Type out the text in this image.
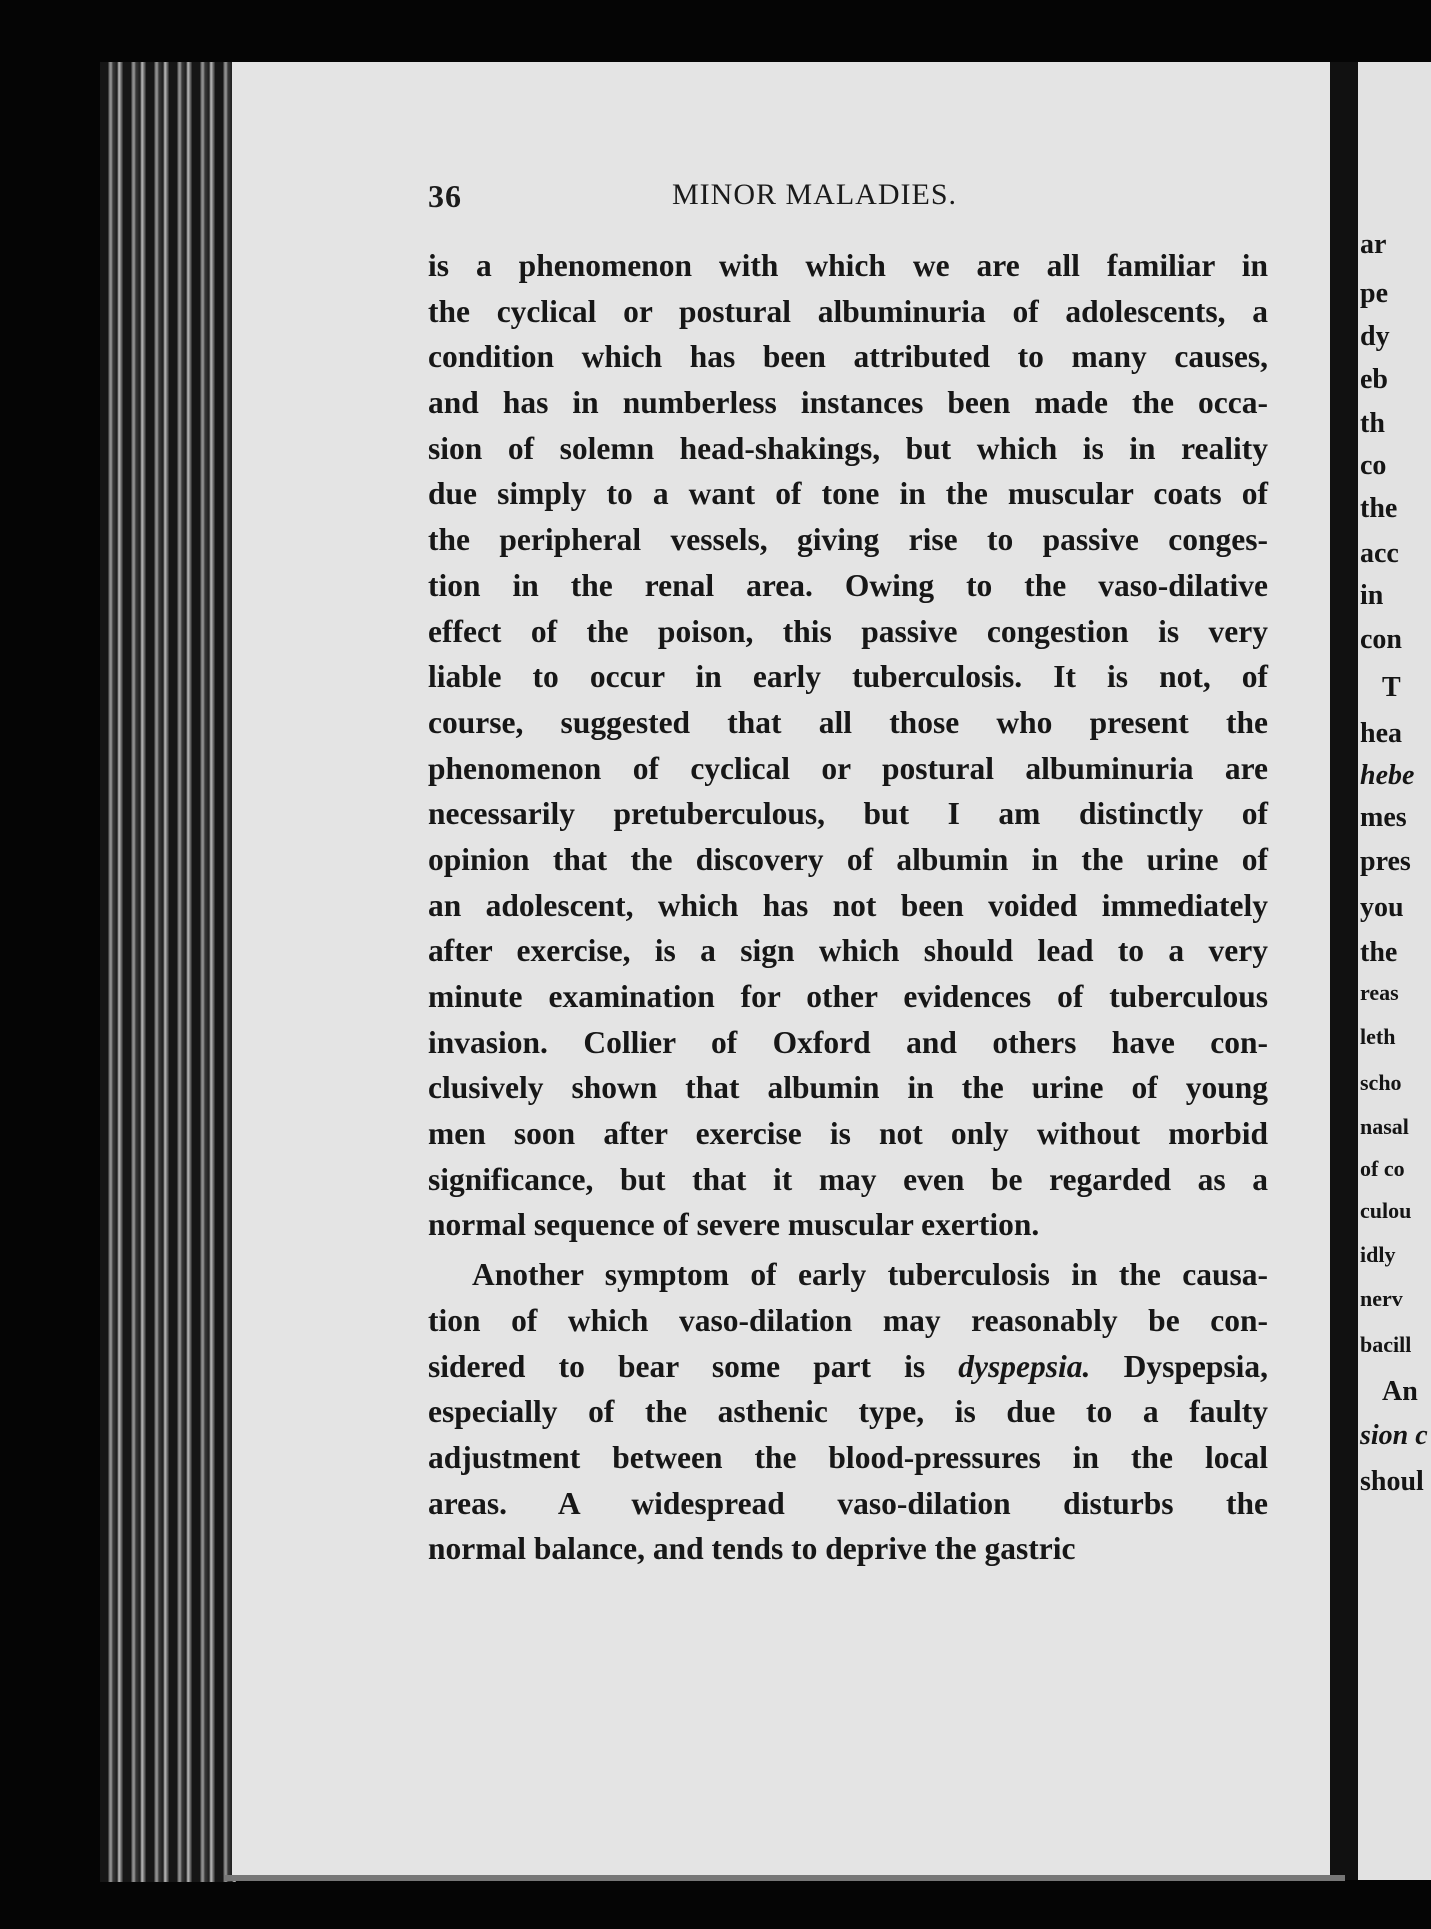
ar
pe
dy
eb
th
co
the
acc
in
con
T
hea
hebe
mes
pres
you
the
reas
leth
scho
nasal
of co
culou
idly
nerv
bacill
An
sion c
shoul
36	MINOR MALADIES.
is a phenomenon with which we are all familiar in
the cyclical or postural albuminuria of adolescents, a
condition which has been attributed to many causes,
and has in numberless instances been made the occa-
sion of solemn head-shakings, but which is in reality
due simply to a want of tone in the muscular coats of
the peripheral vessels, giving rise to passive conges-
tion in the renal area. Owing to the vaso-dilative
effect of the poison, this passive congestion is very
liable to occur in early tuberculosis. It is not, of
course, suggested that all those who present the
phenomenon of cyclical or postural albuminuria are
necessarily pretuberculous, but I am distinctly of
opinion that the discovery of albumin in the urine of
an adolescent, which has not been voided immediately
after exercise, is a sign which should lead to a very
minute examination for other evidences of tuberculous
invasion. Collier of Oxford and others have con-
clusively shown that albumin in the urine of young
men soon after exercise is not only without morbid
significance, but that it may even be regarded as a
normal sequence of severe muscular exertion.
Another symptom of early tuberculosis in the causa-
tion of which vaso-dilation may reasonably be con-
sidered to bear some part is dyspepsia. Dyspepsia,
especially of the asthenic type, is due to a faulty
adjustment between the blood-pressures in the local
areas. A widespread vaso-dilation disturbs the
normal balance, and tends to deprive the gastric
